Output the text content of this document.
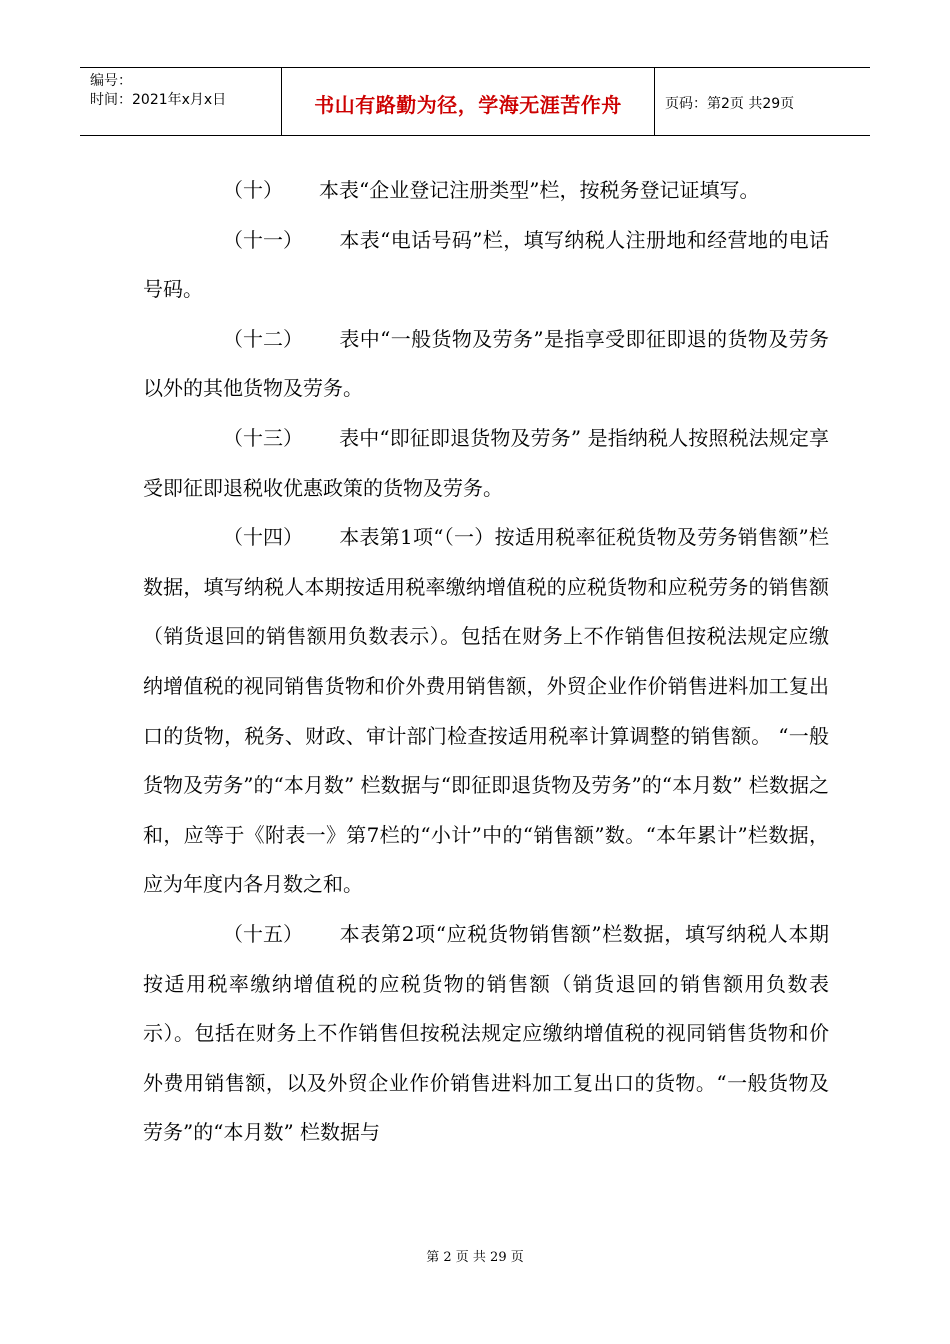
编号：
时间：2021年x月x日	书山有路勤为径，学海无涯苦作舟	页码：第2页 共29页

（十） 本表“企业登记注册类型”栏，按税务登记证填写。

（十一） 本表“电话号码”栏，填写纳税人注册地和经营地的电话号码。

（十二） 表中“一般货物及劳务”是指享受即征即退的货物及劳务以外的其他货物及劳务。

（十三） 表中“即征即退货物及劳务” 是指纳税人按照税法规定享受即征即退税收优惠政策的货物及劳务。

（十四） 本表第1项“（一）按适用税率征税货物及劳务销售额”栏数据，填写纳税人本期按适用税率缴纳增值税的应税货物和应税劳务的销售额（销货退回的销售额用负数表示）。包括在财务上不作销售但按税法规定应缴纳增值税的视同销售货物和价外费用销售额，外贸企业作价销售进料加工复出口的货物，税务、财政、审计部门检查按适用税率计算调整的销售额。 “一般货物及劳务”的“本月数” 栏数据与“即征即退货物及劳务”的“本月数” 栏数据之和，应等于《附表一》第7栏的“小计”中的“销售额”数。“本年累计”栏数据，应为年度内各月数之和。

（十五） 本表第2项“应税货物销售额”栏数据，填写纳税人本期按适用税率缴纳增值税的应税货物的销售额（销货退回的销售额用负数表示）。包括在财务上不作销售但按税法规定应缴纳增值税的视同销售货物和价外费用销售额，以及外贸企业作价销售进料加工复出口的货物。“一般货物及劳务”的“本月数” 栏数据与

第 2 页 共 29 页
